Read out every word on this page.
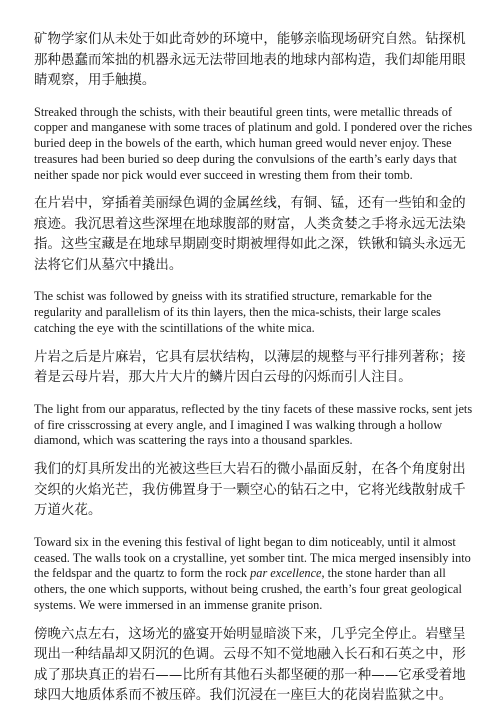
矿物学家们从未处于如此奇妙的环境中，能够亲临现场研究自然。钻探机那种愚蠢而笨拙的机器永远无法带回地表的地球内部构造，我们却能用眼睛观察，用手触摸。

Streaked through the schists, with their beautiful green tints, were metallic threads of copper and manganese with some traces of platinum and gold. I pondered over the riches buried deep in the bowels of the earth, which human greed would never enjoy. These treasures had been buried so deep during the convulsions of the earth’s early days that neither spade nor pick would ever succeed in wresting them from their tomb.

在片岩中，穿插着美丽绿色调的金属丝线，有铜、锰，还有一些铂和金的痕迹。我沉思着这些深埋在地球腹部的财富，人类贪婪之手将永远无法染指。这些宝藏是在地球早期剧变时期被埋得如此之深，铁锹和镐头永远无法将它们从墓穴中撬出。

The schist was followed by gneiss with its stratified structure, remarkable for the regularity and parallelism of its thin layers, then the mica-schists, their large scales catching the eye with the scintillations of the white mica.

片岩之后是片麻岩，它具有层状结构，以薄层的规整与平行排列著称；接着是云母片岩，那大片大片的鳞片因白云母的闪烁而引人注目。

The light from our apparatus, reflected by the tiny facets of these massive rocks, sent jets of fire crisscrossing at every angle, and I imagined I was walking through a hollow diamond, which was scattering the rays into a thousand sparkles.

我们的灯具所发出的光被这些巨大岩石的微小晶面反射，在各个角度射出交织的火焰光芒，我仿佛置身于一颗空心的钻石之中，它将光线散射成千万道火花。

Toward six in the evening this festival of light began to dim noticeably, until it almost ceased. The walls took on a crystalline, yet somber tint. The mica merged insensibly into the feldspar and the quartz to form the rock par excellence, the stone harder than all others, the one which supports, without being crushed, the earth’s four great geological systems. We were immersed in an immense granite prison.

傍晚六点左右，这场光的盛宴开始明显暗淡下来，几乎完全停止。岩壁呈现出一种结晶却又阴沉的色调。云母不知不觉地融入长石和石英之中，形成了那块真正的岩石——比所有其他石头都坚硬的那一种——它承受着地球四大地质体系而不被压碎。我们沉浸在一座巨大的花岗岩监狱之中。
